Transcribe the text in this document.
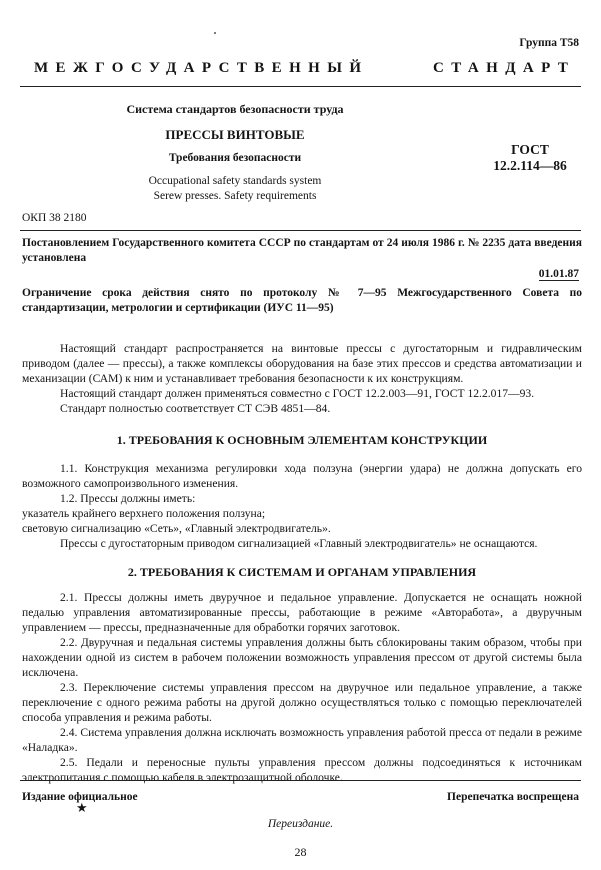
Группа Т58
МЕЖГОСУДАРСТВЕННЫЙ	СТАНДАРТ
Система стандартов безопасности труда
ПРЕССЫ ВИНТОВЫЕ
Требования безопасности
Occupational safety standards system
Serew presses. Safety requirements
ГОСТ
12.2.114—86
ОКП 38 2180

Постановлением Государственного комитета СССР по стандартам от 24 июля 1986 г. № 2235 дата введения установлена

01.01.87

Ограничение срока действия снято по протоколу № 7—95 Межгосударственного Совета по стандартизации, метрологии и сертификации (ИУС 11—95)

Настоящий стандарт распространяется на винтовые прессы с дугостаторным и гидравлическим приводом (далее — прессы), а также комплексы оборудования на базе этих прессов и средства автоматизации и механизации (САМ) к ним и устанавливает требования безопасности к их конструкциям.

Настоящий стандарт должен применяться совместно с ГОСТ 12.2.003—91, ГОСТ 12.2.017—93.

Стандарт полностью соответствует СТ СЭВ 4851—84.

1. ТРЕБОВАНИЯ К ОСНОВНЫМ ЭЛЕМЕНТАМ КОНСТРУКЦИИ

1.1. Конструкция механизма регулировки хода ползуна (энергии удара) не должна допускать его возможного самопроизвольного изменения.

1.2. Прессы должны иметь:

указатель крайнего верхнего положения ползуна;

световую сигнализацию «Сеть», «Главный электродвигатель».

Прессы с дугостаторным приводом сигнализацией «Главный электродвигатель» не оснащаются.

2. ТРЕБОВАНИЯ К СИСТЕМАМ И ОРГАНАМ УПРАВЛЕНИЯ

2.1. Прессы должны иметь двуручное и педальное управление. Допускается не оснащать ножной педалью управления автоматизированные прессы, работающие в режиме «Авторабота», а двуручным управлением — прессы, предназначенные для обработки горячих заготовок.

2.2. Двуручная и педальная системы управления должны быть сблокированы таким образом, чтобы при нахождении одной из систем в рабочем положении возможность управления прессом от другой системы была исключена.

2.3. Переключение системы управления прессом на двуручное или педальное управление, а также переключение с одного режима работы на другой должно осуществляться только с помощью переключателей способа управления и режима работы.

2.4. Система управления должна исключать возможность управления работой пресса от педали в режиме «Наладка».

2.5. Педали и переносные пульты управления прессом должны подсоединяться к источникам электропитания с помощью кабеля в электрозащитной оболочке.

Издание официальное
★
Перепечатка воспрещена
Переиздание.
28
